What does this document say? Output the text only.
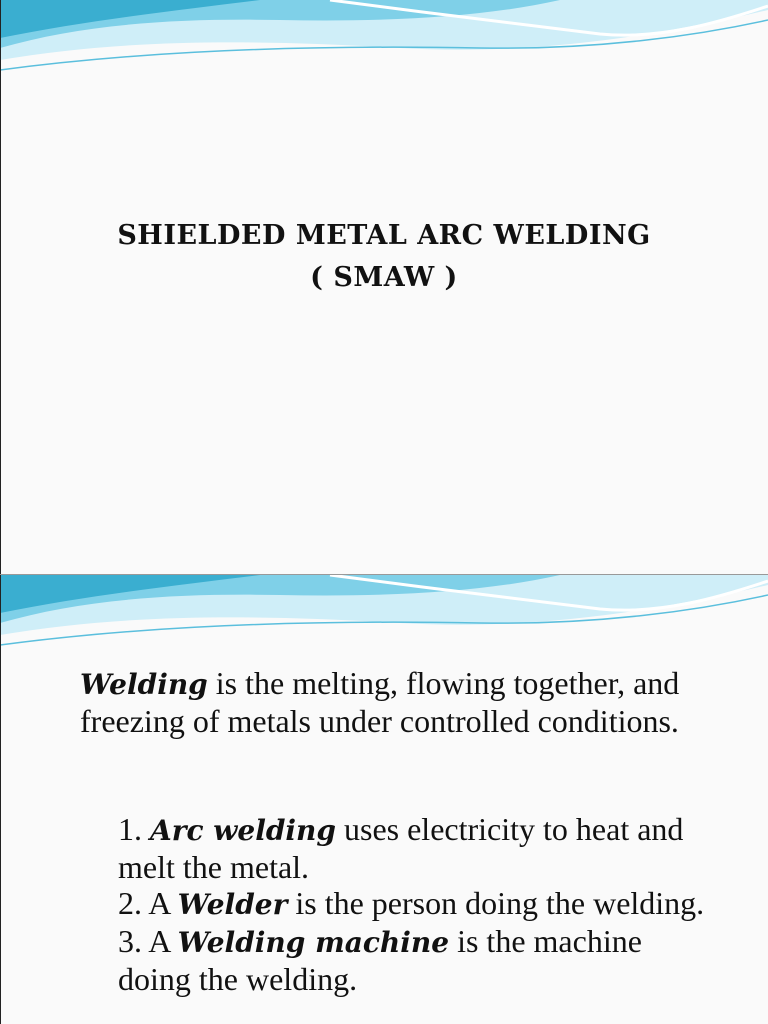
SHIELDED METAL ARC WELDING
( SMAW )
Welding is the melting, flowing together, and freezing of metals under controlled conditions.
1. Arc welding uses electricity to heat and melt the metal.
2. A Welder is the person doing the welding.
3. A Welding machine is the machine doing the welding.
